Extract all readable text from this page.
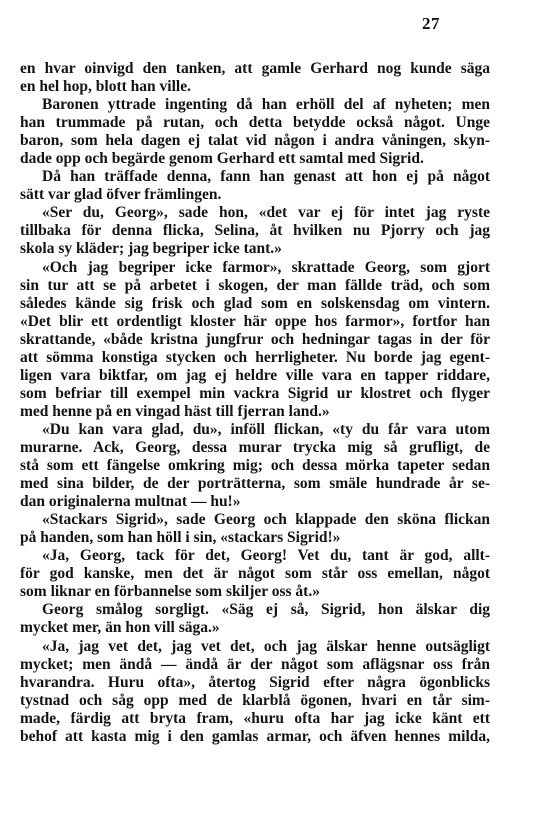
27
en hvar oinvigd den tanken, att gamle Gerhard nog kunde säga
en hel hop, blott han ville.
Baronen yttrade ingenting då han erhöll del af nyheten; men
han trummade på rutan, och detta betydde också något. Unge
baron, som hela dagen ej talat vid någon i andra våningen, skyn-
dade opp och begärde genom Gerhard ett samtal med Sigrid.
Då han träffade denna, fann han genast att hon ej på något
sätt var glad öfver främlingen.
«Ser du, Georg», sade hon, «det var ej för intet jag ryste
tillbaka för denna flicka, Selina, åt hvilken nu Pjorry och jag
skola sy kläder; jag begriper icke tant.»
«Och jag begriper icke farmor», skrattade Georg, som gjort
sin tur att se på arbetet i skogen, der man fällde träd, och som
således kände sig frisk och glad som en solskensdag om vintern.
«Det blir ett ordentligt kloster här oppe hos farmor», fortfor han
skrattande, «både kristna jungfrur och hedningar tagas in der för
att sömma konstiga stycken och herrligheter. Nu borde jag egent-
ligen vara biktfar, om jag ej heldre ville vara en tapper riddare,
som befriar till exempel min vackra Sigrid ur klostret och flyger
med henne på en vingad häst till fjerran land.»
«Du kan vara glad, du», inföll flickan, «ty du får vara utom
murarne. Ack, Georg, dessa murar trycka mig så grufligt, de
stå som ett fängelse omkring mig; och dessa mörka tapeter sedan
med sina bilder, de der porträtterna, som smäle hundrade år se-
dan originalerna multnat — hu!»
«Stackars Sigrid», sade Georg och klappade den sköna flickan
på handen, som han höll i sin, «stackars Sigrid!»
«Ja, Georg, tack för det, Georg! Vet du, tant är god, allt-
för god kanske, men det är något som står oss emellan, något
som liknar en förbannelse som skiljer oss åt.»
Georg smålog sorgligt. «Säg ej så, Sigrid, hon älskar dig
mycket mer, än hon vill säga.»
«Ja, jag vet det, jag vet det, och jag älskar henne outsägligt
mycket; men ändå — ändå är der något som aflägsnar oss från
hvarandra. Huru ofta», återtog Sigrid efter några ögonblicks
tystnad och såg opp med de klarblå ögonen, hvari en tår sim-
made, färdig att bryta fram, «huru ofta har jag icke känt ett
behof att kasta mig i den gamlas armar, och äfven hennes milda,
